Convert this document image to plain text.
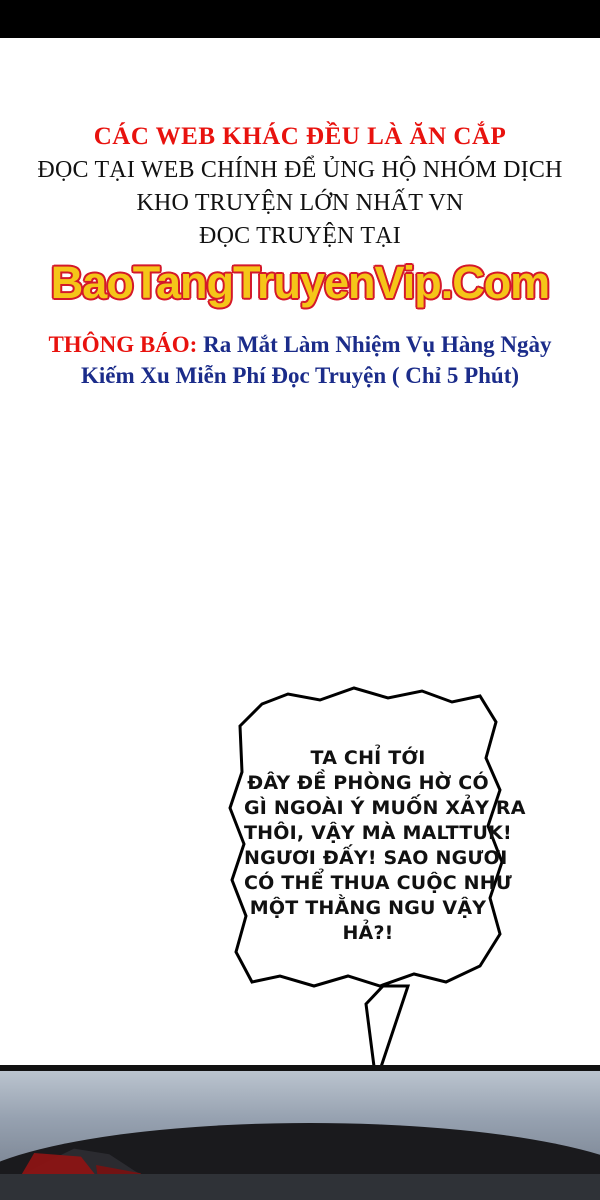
CÁC WEB KHÁC ĐỀU LÀ ĂN CẮP
ĐỌC TẠI WEB CHÍNH ĐỂ ỦNG HỘ NHÓM DỊCH
KHO TRUYỆN LỚN NHẤT VN
ĐỌC TRUYỆN TẠI
BaoTangTruyenVip.Com
THÔNG BÁO: Ra Mắt Làm Nhiệm Vụ Hàng Ngày
Kiếm Xu Miễn Phí Đọc Truyện ( Chỉ 5 Phút)
TA CHỈ TỚI
ĐÂY ĐỀ PHÒNG HỜ CÓ
GÌ NGOÀI Ý MUỐN XẢY RA
THÔI, VẬY MÀ MALTTUK!
NGƯƠI ĐẤY! SAO NGƯƠI
CÓ THỂ THUA CUỘC NHƯ
MỘT THẰNG NGU VẬY
HẢ?!
